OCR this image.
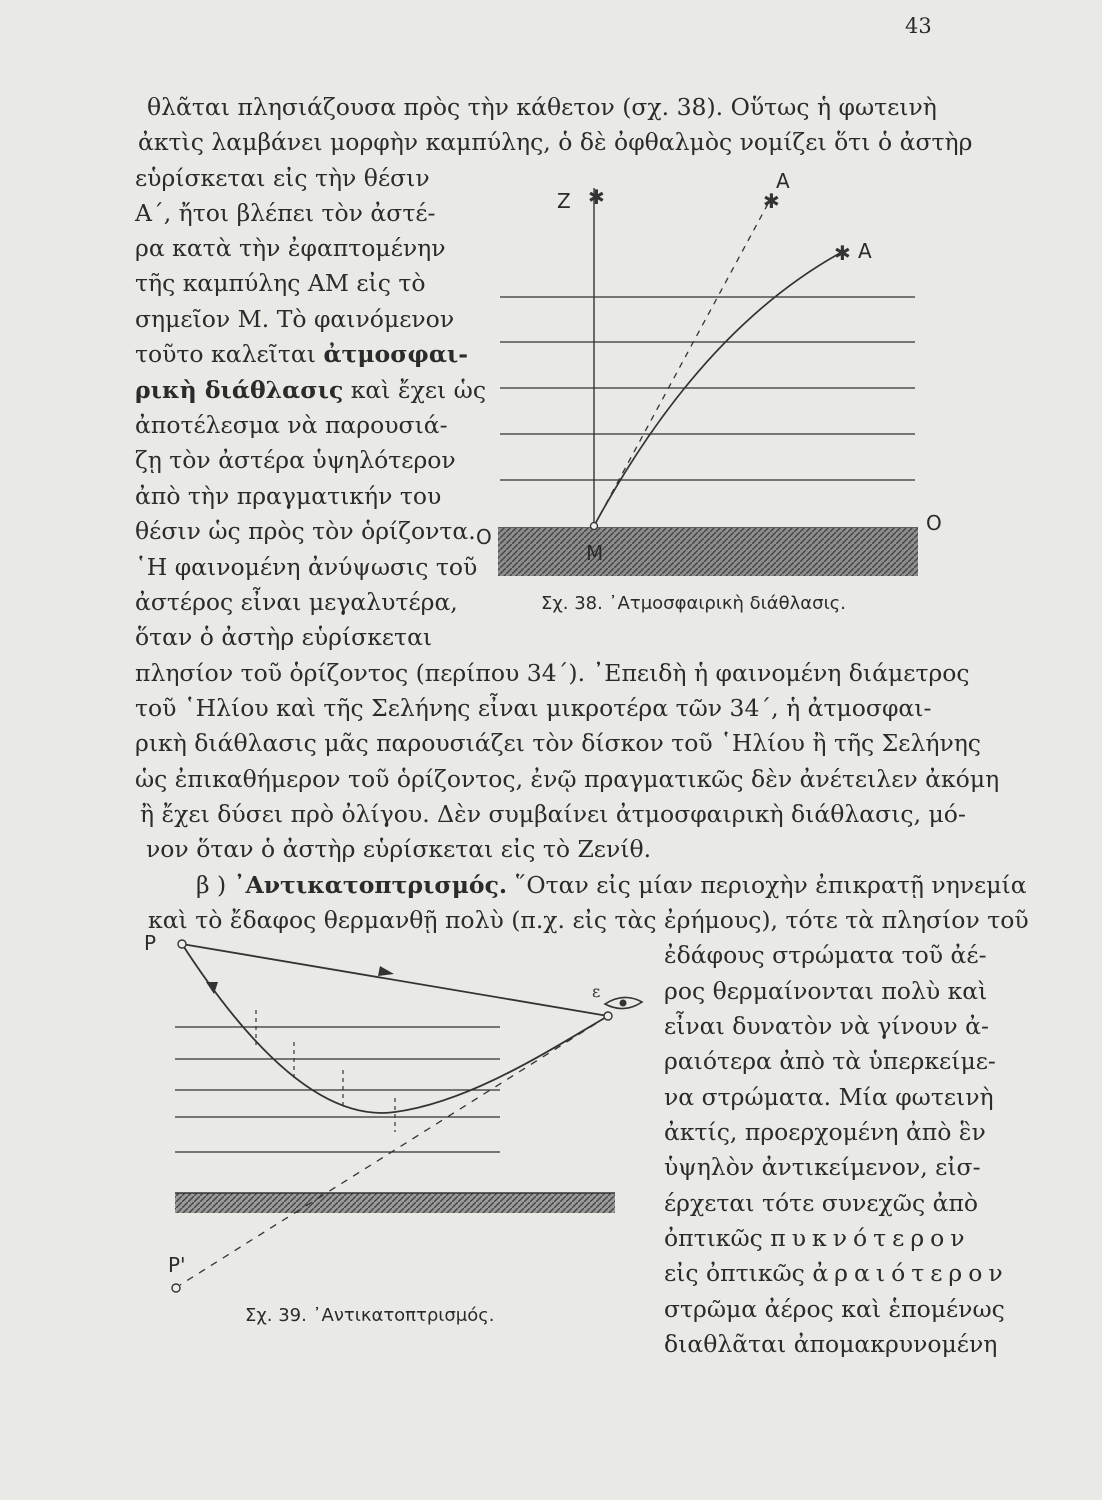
43
θλᾶται πλησιάζουσα πρὸς τὴν κάθετον (σχ. 38). Οὕτως ἡ φωτεινὴ
ἀκτὶς λαμβάνει μορφὴν καμπύλης, ὁ δὲ ὀφθαλμὸς νομίζει ὅτι ὁ ἀστὴρ
εὑρίσκεται εἰς τὴν θέσιν
Α΄, ἤτοι βλέπει τὸν ἀστέ-
ρα κατὰ τὴν ἐφαπτομένην
τῆς καμπύλης ΑΜ εἰς τὸ
σημεῖον Μ. Τὸ φαινόμενον
τοῦτο καλεῖται ἀτμοσφαι-
ρικὴ διάθλασις καὶ ἔχει ὡς
ἀποτέλεσμα νὰ παρουσιά-
ζῃ τὸν ἀστέρα ὑψηλότερον
ἀπὸ τὴν πραγματικήν του
θέσιν ὡς πρὸς τὸν ὁρίζοντα.
῾Η φαινομένη ἀνύψωσις τοῦ
ἀστέρος εἶναι μεγαλυτέρα,
ὅταν ὁ ἀστὴρ εὑρίσκεται
πλησίον τοῦ ὁρίζοντος (περίπου 34΄). ᾿Επειδὴ ἡ φαινομένη διάμετρος
τοῦ ῾Ηλίου καὶ τῆς Σελήνης εἶναι μικροτέρα τῶν 34΄, ἡ ἀτμοσφαι-
ρικὴ διάθλασις μᾶς παρουσιάζει τὸν δίσκον τοῦ ῾Ηλίου ἢ τῆς Σελήνης
ὡς ἐπικαθήμερον τοῦ ὁρίζοντος, ἐνῷ πραγματικῶς δὲν ἀνέτειλεν ἀκόμη
ἢ ἔχει δύσει πρὸ ὀλίγου. Δὲν συμβαίνει ἀτμοσφαιρικὴ διάθλασις, μό-
νον ὅταν ὁ ἀστὴρ εὑρίσκεται εἰς τὸ Ζενίθ.
β ) ᾿Αντικατοπτρισμός. ῞Οταν εἰς μίαν περιοχὴν ἐπικρατῇ νηνεμία
καὶ τὸ ἔδαφος θερμανθῇ πολὺ (π.χ. εἰς τὰς ἐρήμους), τότε τὰ πλησίον τοῦ
ἐδάφους στρώματα τοῦ ἀέ-
ρος θερμαίνονται πολὺ καὶ
εἶναι δυνατὸν νὰ γίνουν ἀ-
ραιότερα ἀπὸ τὰ ὑπερκείμε-
να στρώματα. Μία φωτεινὴ
ἀκτίς, προερχομένη ἀπὸ ἓν
ὑψηλὸν ἀντικείμενον, εἰσ-
έρχεται τότε συνεχῶς ἀπὸ
ὀπτικῶς πυκνότερον
εἰς ὀπτικῶς ἀραιότερον
στρῶμα ἀέρος καὶ ἑπομένως
διαθλᾶται ἀπομακρυνομένη
✱	✱
✱
Z
A
A
M
O
O
Σχ. 38. ᾿Ατμοσφαιρικὴ διάθλασις.
ε
P
P'
Σχ. 39. ᾿Αντικατοπτρισμός.
